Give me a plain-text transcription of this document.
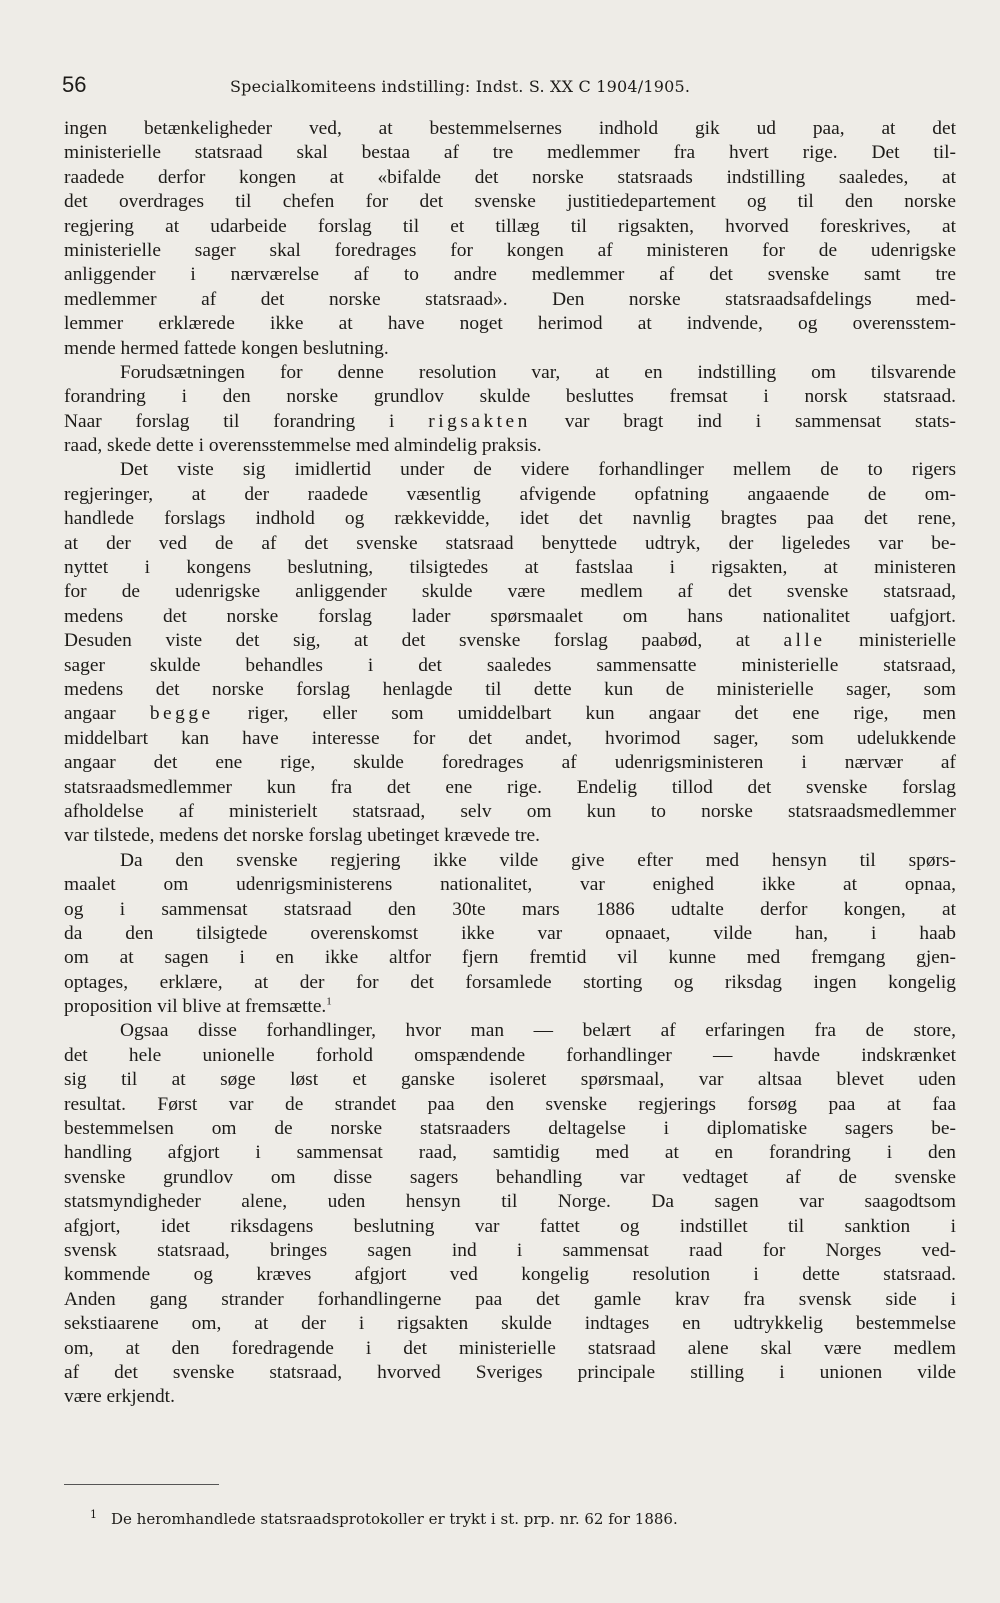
56	Specialkomiteens indstilling: Indst. S. XX C 1904/1905.
ingen betænkeligheder ved, at bestemmelsernes indhold gik ud paa, at det
ministerielle statsraad skal bestaa af tre medlemmer fra hvert rige. Det til-
raadede derfor kongen at «bifalde det norske statsraads indstilling saaledes, at
det overdrages til chefen for det svenske justitiedepartement og til den norske
regjering at udarbeide forslag til et tillæg til rigsakten, hvorved foreskrives, at
ministerielle sager skal foredrages for kongen af ministeren for de udenrigske
anliggender i nærværelse af to andre medlemmer af det svenske samt tre
medlemmer af det norske statsraad». Den norske statsraadsafdelings med-
lemmer erklærede ikke at have noget herimod at indvende, og overensstem-
mende hermed fattede kongen beslutning.
Forudsætningen for denne resolution var, at en indstilling om tilsvarende
forandring i den norske grundlov skulde besluttes fremsat i norsk statsraad.
Naar forslag til forandring i rigsakten var bragt ind i sammensat stats-
raad, skede dette i overensstemmelse med almindelig praksis.
Det viste sig imidlertid under de videre forhandlinger mellem de to rigers
regjeringer, at der raadede væsentlig afvigende opfatning angaaende de om-
handlede forslags indhold og rækkevidde, idet det navnlig bragtes paa det rene,
at der ved de af det svenske statsraad benyttede udtryk, der ligeledes var be-
nyttet i kongens beslutning, tilsigtedes at fastslaa i rigsakten, at ministeren
for de udenrigske anliggender skulde være medlem af det svenske statsraad,
medens det norske forslag lader spørsmaalet om hans nationalitet uafgjort.
Desuden viste det sig, at det svenske forslag paabød, at alle ministerielle
sager skulde behandles i det saaledes sammensatte ministerielle statsraad,
medens det norske forslag henlagde til dette kun de ministerielle sager, som
angaar begge riger, eller som umiddelbart kun angaar det ene rige, men
middelbart kan have interesse for det andet, hvorimod sager, som udelukkende
angaar det ene rige, skulde foredrages af udenrigsministeren i nærvær af
statsraadsmedlemmer kun fra det ene rige. Endelig tillod det svenske forslag
afholdelse af ministerielt statsraad, selv om kun to norske statsraadsmedlemmer
var tilstede, medens det norske forslag ubetinget krævede tre.
Da den svenske regjering ikke vilde give efter med hensyn til spørs-
maalet om udenrigsministerens nationalitet, var enighed ikke at opnaa,
og i sammensat statsraad den 30te mars 1886 udtalte derfor kongen, at
da den tilsigtede overenskomst ikke var opnaaet, vilde han, i haab
om at sagen i en ikke altfor fjern fremtid vil kunne med fremgang gjen-
optages, erklære, at der for det forsamlede storting og riksdag ingen kongelig
proposition vil blive at fremsætte.$^1$
Ogsaa disse forhandlinger, hvor man — belært af erfaringen fra de store,
det hele unionelle forhold omspændende forhandlinger — havde indskrænket
sig til at søge løst et ganske isoleret spørsmaal, var altsaa blevet uden
resultat. Først var de strandet paa den svenske regjerings forsøg paa at faa
bestemmelsen om de norske statsraaders deltagelse i diplomatiske sagers be-
handling afgjort i sammensat raad, samtidig med at en forandring i den
svenske grundlov om disse sagers behandling var vedtaget af de svenske
statsmyndigheder alene, uden hensyn til Norge. Da sagen var saagodtsom
afgjort, idet riksdagens beslutning var fattet og indstillet til sanktion i
svensk statsraad, bringes sagen ind i sammensat raad for Norges ved-
kommende og kræves afgjort ved kongelig resolution i dette statsraad.
Anden gang strander forhandlingerne paa det gamle krav fra svensk side i
sekstiaarene om, at der i rigsakten skulde indtages en udtrykkelig bestemmelse
om, at den foredragende i det ministerielle statsraad alene skal være medlem
af det svenske statsraad, hvorved Sveriges principale stilling i unionen vilde
være erkjendt.
$^1$ De heromhandlede statsraadsprotokoller er trykt i st. prp. nr. 62 for 1886.
